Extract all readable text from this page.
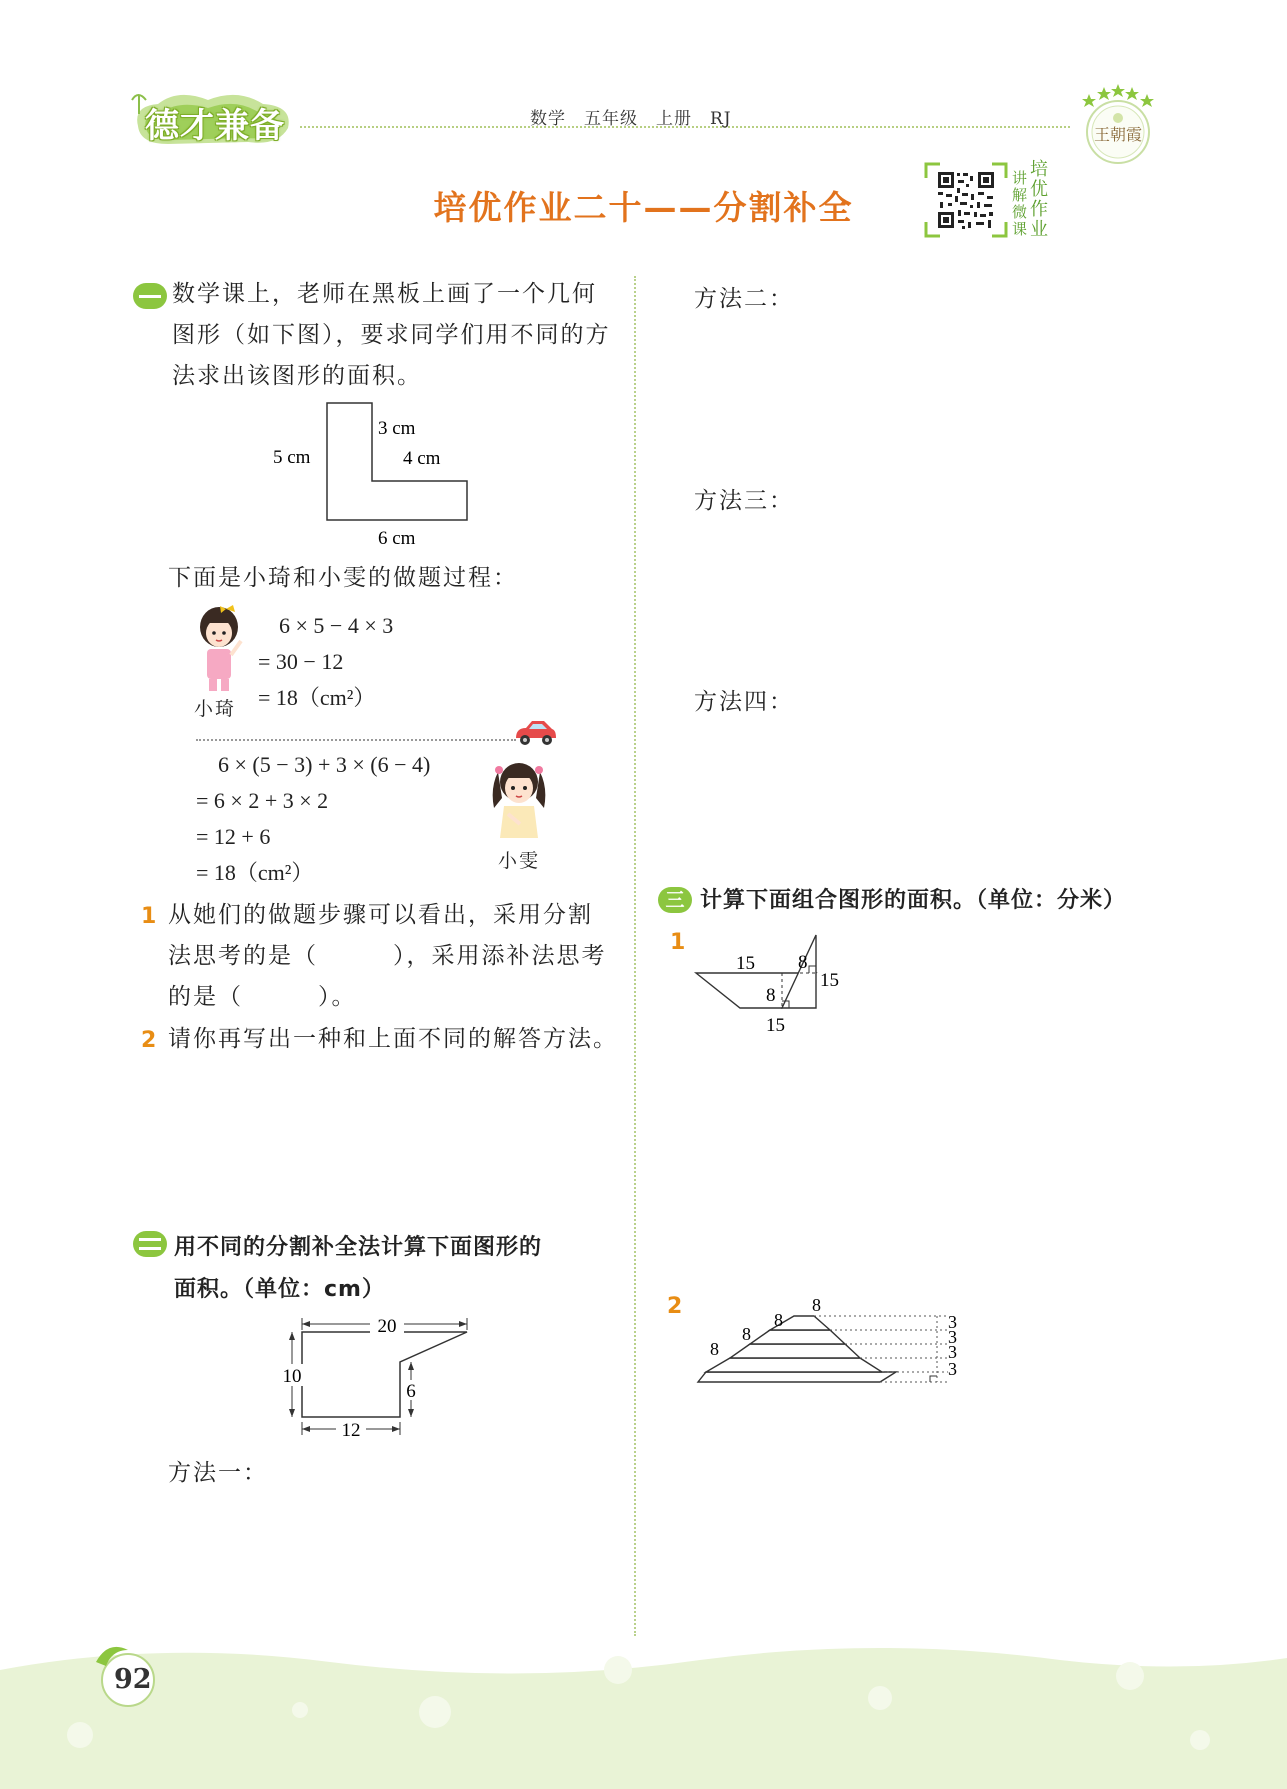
德才兼备	数学　五年级　上册　RJ
王朝霞
培优作业二十——分割补全
讲解微课
培优作业
数学课上，老师在黑板上画了一个几何
图形（如下图），要求同学们用不同的方
法求出该图形的面积。
3 cm
4 cm
5 cm
6 cm
下面是小琦和小雯的做题过程：
小琦
6 × 5 − 4 × 3
= 30 − 12
= 18（cm²）
6 × (5 − 3) + 3 × (6 − 4)
= 6 × 2 + 3 × 2
= 12 + 6
= 18（cm²）	小雯
1 从她们的做题步骤可以看出，采用分割
法思考的是（　　　），采用添补法思考
的是（　　　）。
2 请你再写出一种和上面不同的解答方法。
用不同的分割补全法计算下面图形的
面积。（单位：cm）
20
10
6
12
方法一：
方法二：
方法三：
方法四：
三 计算下面组合图形的面积。（单位：分米）
1
15 8
15
8
15
2	8
8
8
8
3
3
3
3
92
